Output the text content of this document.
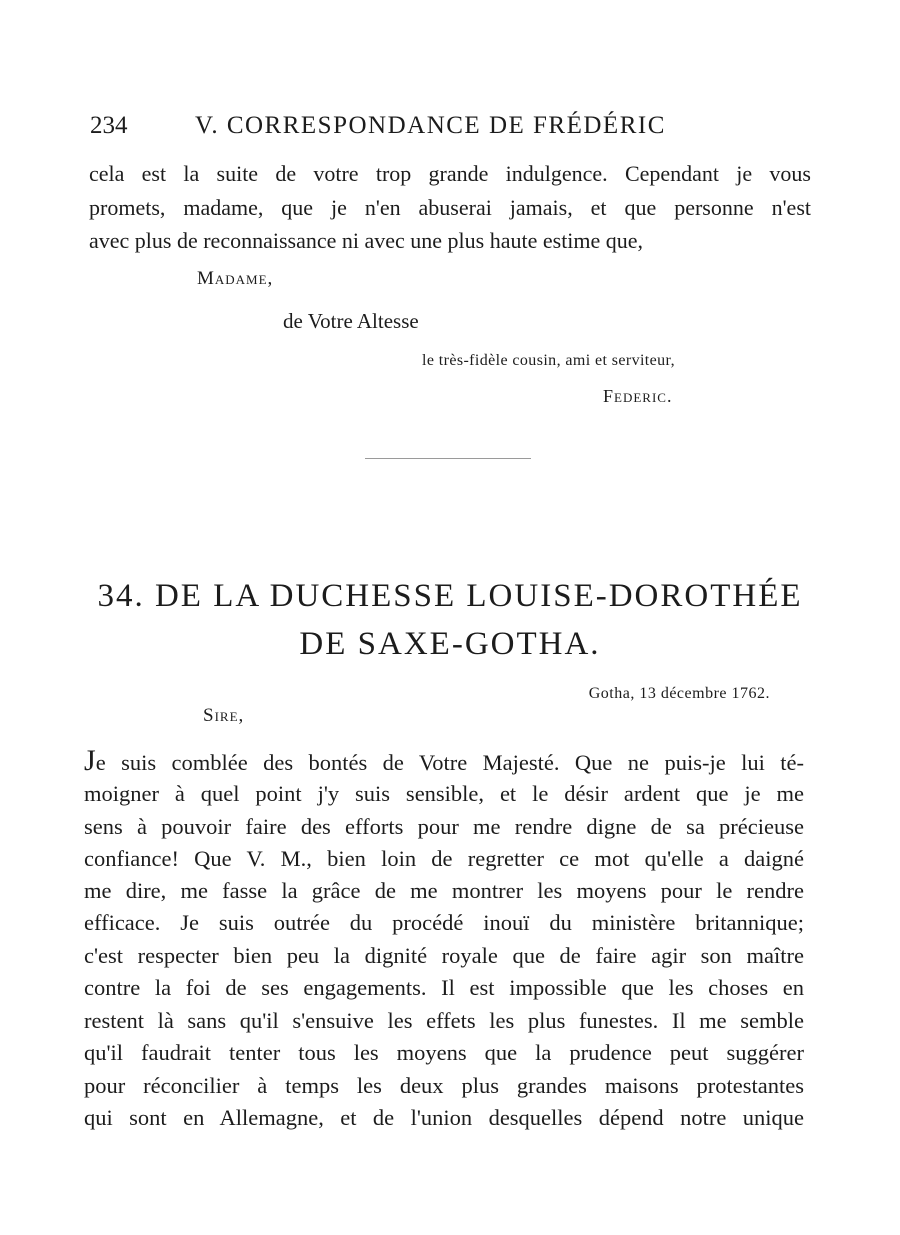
234	V. CORRESPONDANCE DE FRÉDÉRIC
cela est la suite de votre trop grande indulgence. Cependant je vous
promets, madame, que je n'en abuserai jamais, et que personne n'est
avec plus de reconnaissance ni avec une plus haute estime que,
Madame,
de Votre Altesse
le très-fidèle cousin, ami et serviteur,
Federic.
34. DE LA DUCHESSE LOUISE-DOROTHÉE
DE SAXE-GOTHA.
Gotha, 13 décembre 1762.
Sire,
Je suis comblée des bontés de Votre Majesté. Que ne puis-je lui té-
moigner à quel point j'y suis sensible, et le désir ardent que je me
sens à pouvoir faire des efforts pour me rendre digne de sa précieuse
confiance! Que V. M., bien loin de regretter ce mot qu'elle a daigné
me dire, me fasse la grâce de me montrer les moyens pour le rendre
efficace. Je suis outrée du procédé inouï du ministère britannique;
c'est respecter bien peu la dignité royale que de faire agir son maître
contre la foi de ses engagements. Il est impossible que les choses en
restent là sans qu'il s'ensuive les effets les plus funestes. Il me semble
qu'il faudrait tenter tous les moyens que la prudence peut suggérer
pour réconcilier à temps les deux plus grandes maisons protestantes
qui sont en Allemagne, et de l'union desquelles dépend notre unique
